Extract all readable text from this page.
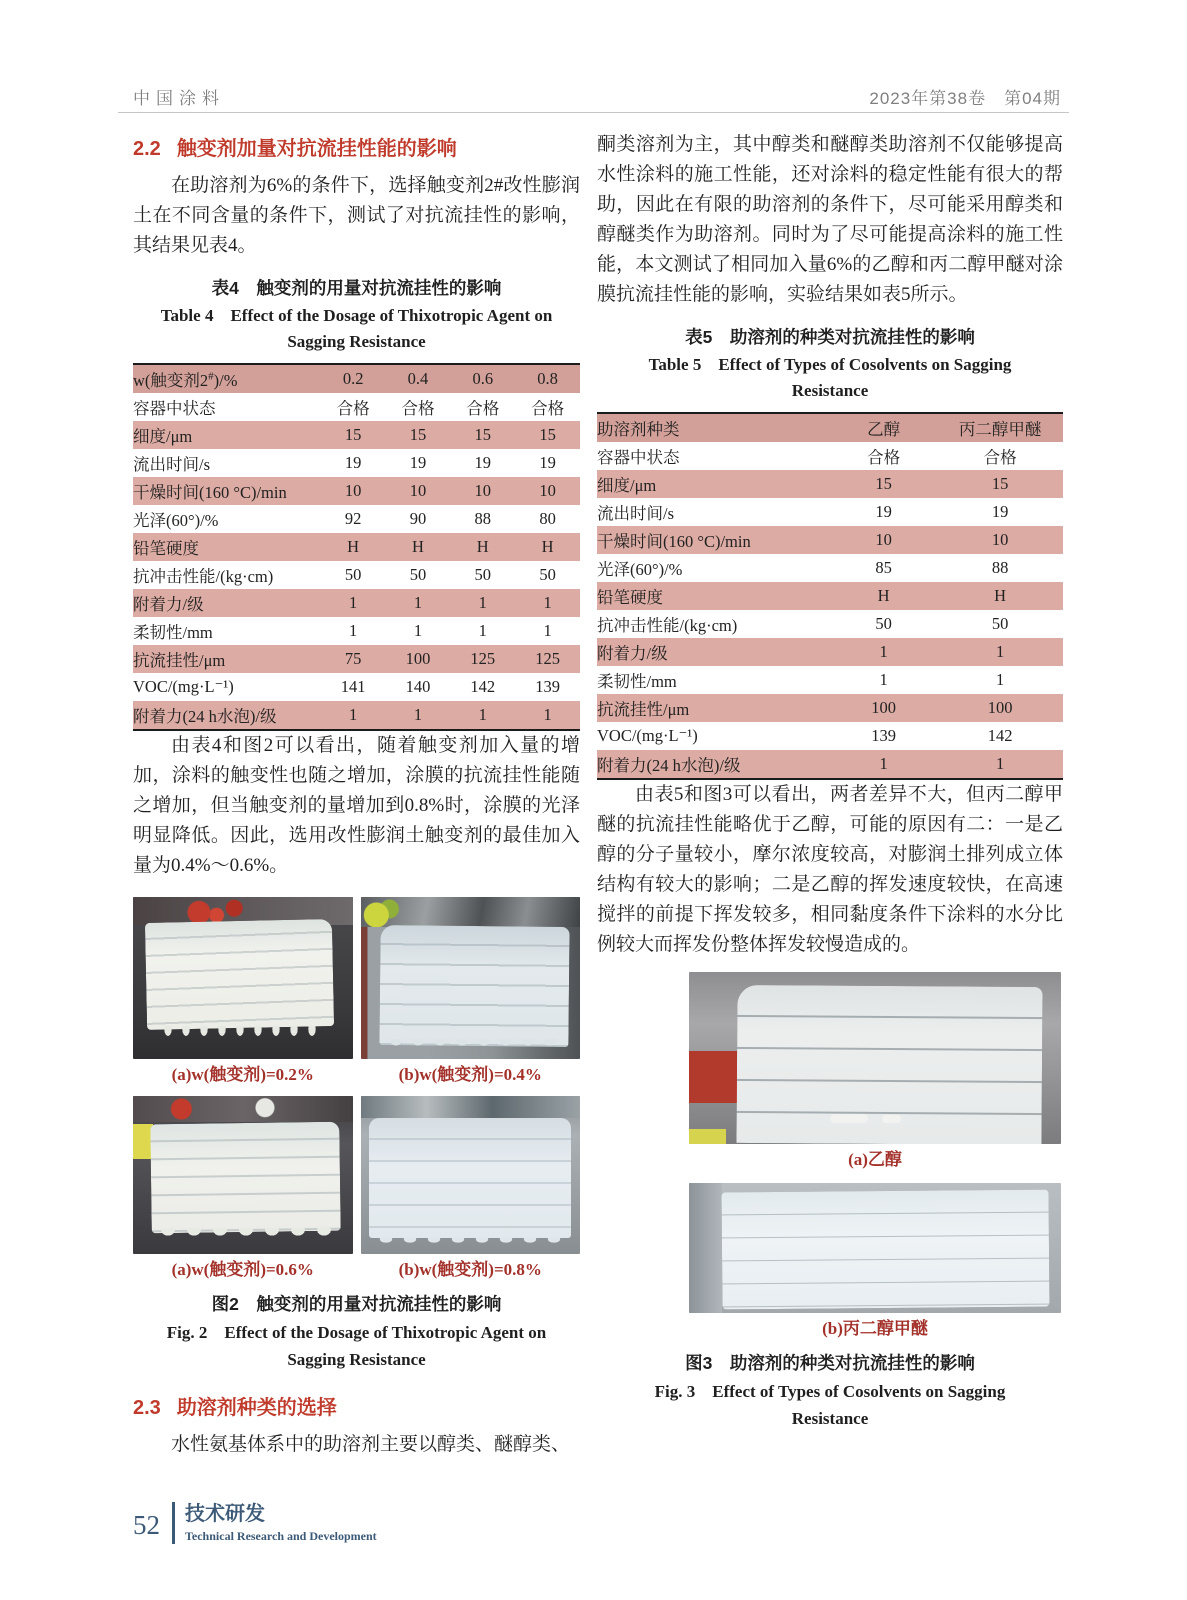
中国涂料	2023年第38卷　第04期
2.2 触变剂加量对抗流挂性能的影响

在助溶剂为6%的条件下，选择触变剂2#改性膨润土在不同含量的条件下，测试了对抗流挂性的影响，其结果见表4。

表4　触变剂的用量对抗流挂性的影响
Table 4　Effect of the Dosage of Thixotropic Agent on Sagging Resistance
w(触变剂2#)/%	0.2	0.4	0.6	0.8
容器中状态	合格	合格	合格	合格
细度/μm	15	15	15	15
流出时间/s	19	19	19	19
干燥时间(160 °C)/min	10	10	10	10
光泽(60°)/%	92	90	88	80
铅笔硬度	H	H	H	H
抗冲击性能/(kg·cm)	50	50	50	50
附着力/级	1	1	1	1
柔韧性/mm	1	1	1	1
抗流挂性/μm	75	100	125	125
VOC/(mg·L⁻¹)	141	140	142	139
附着力(24 h水泡)/级	1	1	1	1

由表4和图2可以看出，随着触变剂加入量的增加，涂料的触变性也随之增加，涂膜的抗流挂性能随之增加，但当触变剂的量增加到0.8%时，涂膜的光泽明显降低。因此，选用改性膨润土触变剂的最佳加入量为0.4%～0.6%。

(a)w(触变剂)=0.2%	(b)w(触变剂)=0.4%
(a)w(触变剂)=0.6%	(b)w(触变剂)=0.8%
图2　触变剂的用量对抗流挂性的影响
Fig. 2　Effect of the Dosage of Thixotropic Agent on Sagging Resistance
2.3 助溶剂种类的选择

水性氨基体系中的助溶剂主要以醇类、醚醇类、

酮类溶剂为主，其中醇类和醚醇类助溶剂不仅能够提高水性涂料的施工性能，还对涂料的稳定性能有很大的帮助，因此在有限的助溶剂的条件下，尽可能采用醇类和醇醚类作为助溶剂。同时为了尽可能提高涂料的施工性能，本文测试了相同加入量6%的乙醇和丙二醇甲醚对涂膜抗流挂性能的影响，实验结果如表5所示。

表5　助溶剂的种类对抗流挂性的影响
Table 5　Effect of Types of Cosolvents on Sagging Resistance
助溶剂种类	乙醇	丙二醇甲醚
容器中状态	合格	合格
细度/μm	15	15
流出时间/s	19	19
干燥时间(160 °C)/min	10	10
光泽(60°)/%	85	88
铅笔硬度	H	H
抗冲击性能/(kg·cm)	50	50
附着力/级	1	1
柔韧性/mm	1	1
抗流挂性/μm	100	100
VOC/(mg·L⁻¹)	139	142
附着力(24 h水泡)/级	1	1

由表5和图3可以看出，两者差异不大，但丙二醇甲醚的抗流挂性能略优于乙醇，可能的原因有二：一是乙醇的分子量较小，摩尔浓度较高，对膨润土排列成立体结构有较大的影响；二是乙醇的挥发速度较快，在高速搅拌的前提下挥发较多，相同黏度条件下涂料的水分比例较大而挥发份整体挥发较慢造成的。

(a)乙醇
(b)丙二醇甲醚
图3　助溶剂的种类对抗流挂性的影响
Fig. 3　Effect of Types of Cosolvents on Sagging Resistance
52	技术研发
Technical Research and Development
